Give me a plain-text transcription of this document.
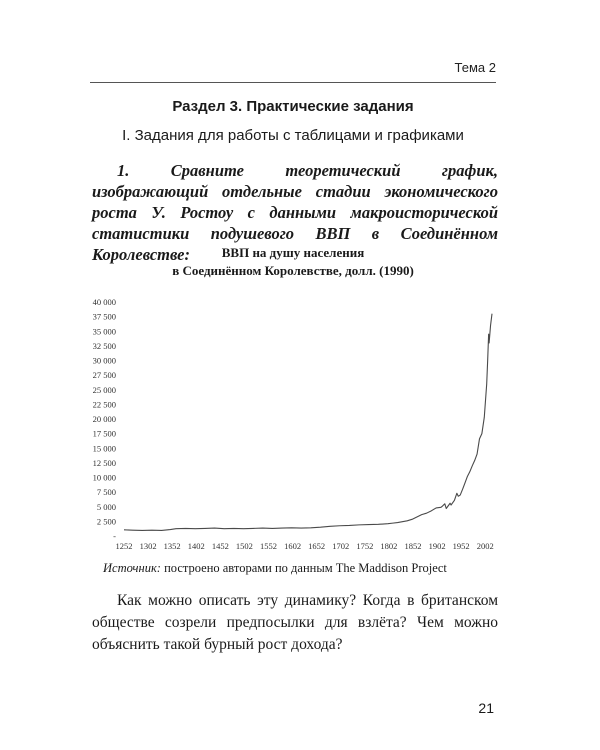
Тема 2
Раздел 3. Практические задания
I. Задания для работы с таблицами и графиками

1. Сравните теоретический график, изображающий отдельные стадии экономического роста У. Ростоу с данными макроисторической статистики подушевого ВВП в Соединённом Королевстве:	ВВП на душу населения
в Соединённом Королевстве, долл. (1990)
-
2 500
5 000
7 500
10 000
12 500
15 000
17 500
20 000
22 500
25 000
27 500
30 000
32 500
35 000
37 500
40 000
1252 1302 1352 1402 1452 1502 1552 1602 1652 1702 1752 1802 1852 1902 1952 2002
Источник: построено авторами по данным The Maddison Project

Как можно описать эту динамику? Когда в британском обществе созрели предпосылки для взлёта? Чем можно объяснить такой бурный рост дохода?

21
